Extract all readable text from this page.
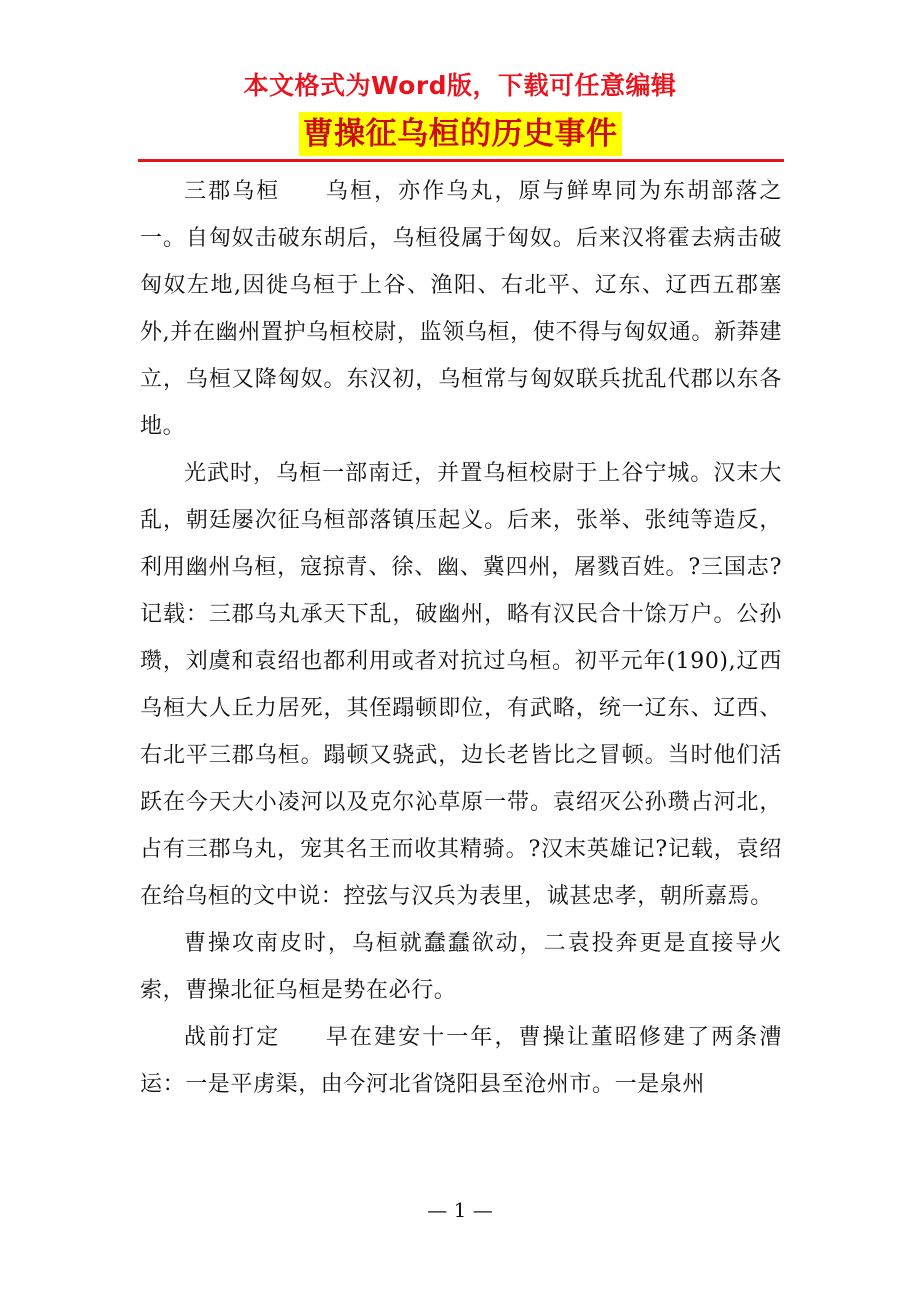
本文格式为Word版，下载可任意编辑
曹操征乌桓的历史事件

三郡乌桓 乌桓，亦作乌丸，原与鲜卑同为东胡部落之一。自匈奴击破东胡后，乌桓役属于匈奴。后来汉将霍去病击破匈奴左地,因徙乌桓于上谷、渔阳、右北平、辽东、辽西五郡塞外,并在幽州置护乌桓校尉，监领乌桓，使不得与匈奴通。新莽建立，乌桓又降匈奴。东汉初，乌桓常与匈奴联兵扰乱代郡以东各地。

光武时，乌桓一部南迁，并置乌桓校尉于上谷宁城。汉末大乱，朝廷屡次征乌桓部落镇压起义。后来，张举、张纯等造反，利用幽州乌桓，寇掠青、徐、幽、冀四州，屠戮百姓。?三国志?记载：三郡乌丸承天下乱，破幽州，略有汉民合十馀万户。公孙瓒，刘虞和袁绍也都利用或者对抗过乌桓。初平元年(190),辽西乌桓大人丘力居死，其侄蹋顿即位，有武略，统一辽东、辽西、右北平三郡乌桓。蹋顿又骁武，边长老皆比之冒顿。当时他们活跃在今天大小凌河以及克尔沁草原一带。袁绍灭公孙瓒占河北，占有三郡乌丸，宠其名王而收其精骑。?汉末英雄记?记载，袁绍在给乌桓的文中说：控弦与汉兵为表里，诚甚忠孝，朝所嘉焉。

曹操攻南皮时，乌桓就蠢蠢欲动，二袁投奔更是直接导火索，曹操北征乌桓是势在必行。

战前打定 早在建安十一年，曹操让董昭修建了两条漕运：一是平虏渠，由今河北省饶阳县至沧州市。一是泉州

— 1 —
